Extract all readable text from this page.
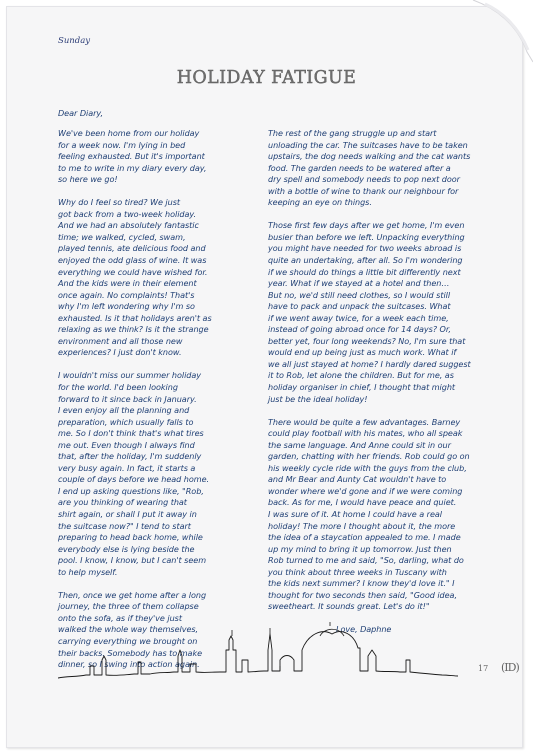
Sunday
HOLIDAY FATIGUE
Dear Diary,
We've been home from our holiday
for a week now. I'm lying in bed
feeling exhausted. But it's important
to me to write in my diary every day,
so here we go!
Why do I feel so tired? We just
got back from a two-week holiday.
And we had an absolutely fantastic
time; we walked, cycled, swam,
played tennis, ate delicious food and
enjoyed the odd glass of wine. It was
everything we could have wished for.
And the kids were in their element
once again. No complaints! That's
why I'm left wondering why I'm so
exhausted. Is it that holidays aren't as
relaxing as we think? Is it the strange
environment and all those new
experiences? I just don't know.
I wouldn't miss our summer holiday
for the world. I'd been looking
forward to it since back in January.
I even enjoy all the planning and
preparation, which usually falls to
me. So I don't think that's what tires
me out. Even though I always find
that, after the holiday, I'm suddenly
very busy again. In fact, it starts a
couple of days before we head home.
I end up asking questions like, "Rob,
are you thinking of wearing that
shirt again, or shall I put it away in
the suitcase now?" I tend to start
preparing to head back home, while
everybody else is lying beside the
pool. I know, I know, but I can't seem
to help myself.
Then, once we get home after a long
journey, the three of them collapse
onto the sofa, as if they've just
walked the whole way themselves,
carrying everything we brought on
their backs. Somebody has to make
dinner, so I swing into action again.
The rest of the gang struggle up and start
unloading the car. The suitcases have to be taken
upstairs, the dog needs walking and the cat wants
food. The garden needs to be watered after a
dry spell and somebody needs to pop next door
with a bottle of wine to thank our neighbour for
keeping an eye on things.
Those first few days after we get home, I'm even
busier than before we left. Unpacking everything
you might have needed for two weeks abroad is
quite an undertaking, after all. So I'm wondering
if we should do things a little bit differently next
year. What if we stayed at a hotel and then…
But no, we'd still need clothes, so I would still
have to pack and unpack the suitcases. What
if we went away twice, for a week each time,
instead of going abroad once for 14 days? Or,
better yet, four long weekends? No, I'm sure that
would end up being just as much work. What if
we all just stayed at home? I hardly dared suggest
it to Rob, let alone the children. But for me, as
holiday organiser in chief, I thought that might
just be the ideal holiday!
There would be quite a few advantages. Barney
could play football with his mates, who all speak
the same language. And Anne could sit in our
garden, chatting with her friends. Rob could go on
his weekly cycle ride with the guys from the club,
and Mr Bear and Aunty Cat wouldn't have to
wonder where we'd gone and if we were coming
back. As for me, I would have peace and quiet.
I was sure of it. At home I could have a real
holiday! The more I thought about it, the more
the idea of a staycation appealed to me. I made
up my mind to bring it up tomorrow. Just then
Rob turned to me and said, "So, darling, what do
you think about three weeks in Tuscany with
the kids next summer? I know they'd love it." I
thought for two seconds then said, "Good idea,
sweetheart. It sounds great. Let's do it!"
Love, Daphne
17 (ID)
